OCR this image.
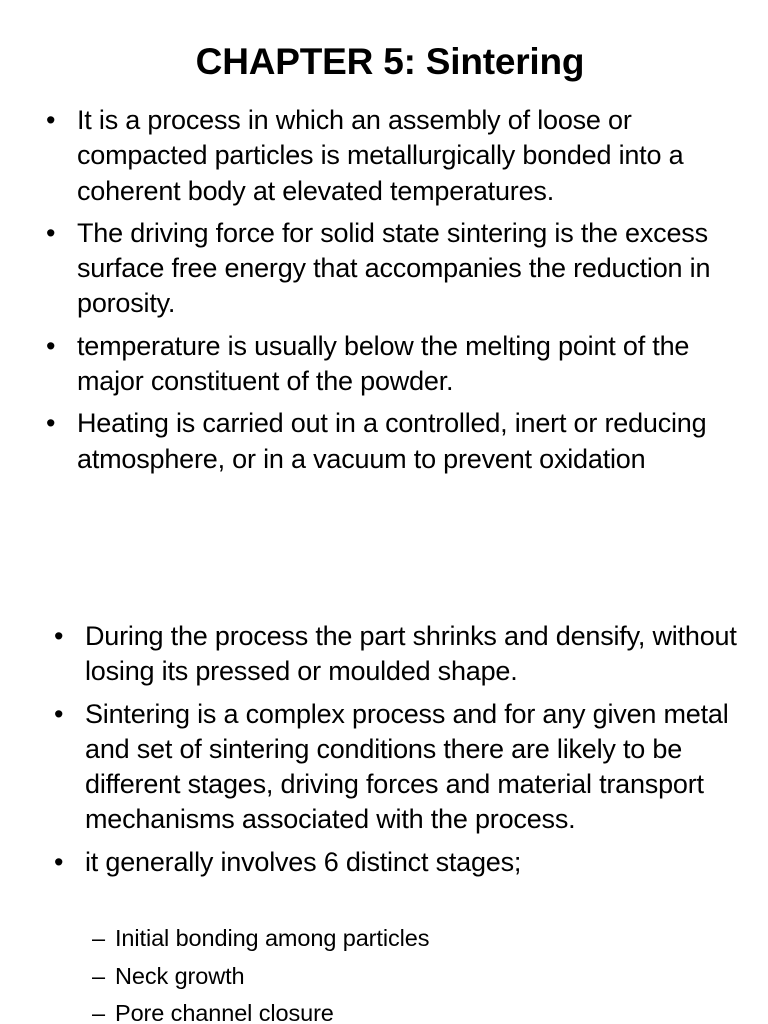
CHAPTER 5: Sintering
• It is a process in which an assembly of loose or compacted particles is metallurgically bonded into a coherent body at elevated temperatures.
• The driving force for solid state sintering is the excess surface free energy that accompanies the reduction in porosity.
• temperature is usually below the melting point of the major constituent of the powder.
• Heating is carried out in a controlled, inert or reducing atmosphere, or in a vacuum to prevent oxidation
• During the process the part shrinks and densify, without losing its pressed or moulded shape.
• Sintering is a complex process and for any given metal and set of sintering conditions there are likely to be different stages, driving forces and material transport mechanisms associated with the process.
• it generally involves 6 distinct stages;
– Initial bonding among particles
– Neck growth
– Pore channel closure
